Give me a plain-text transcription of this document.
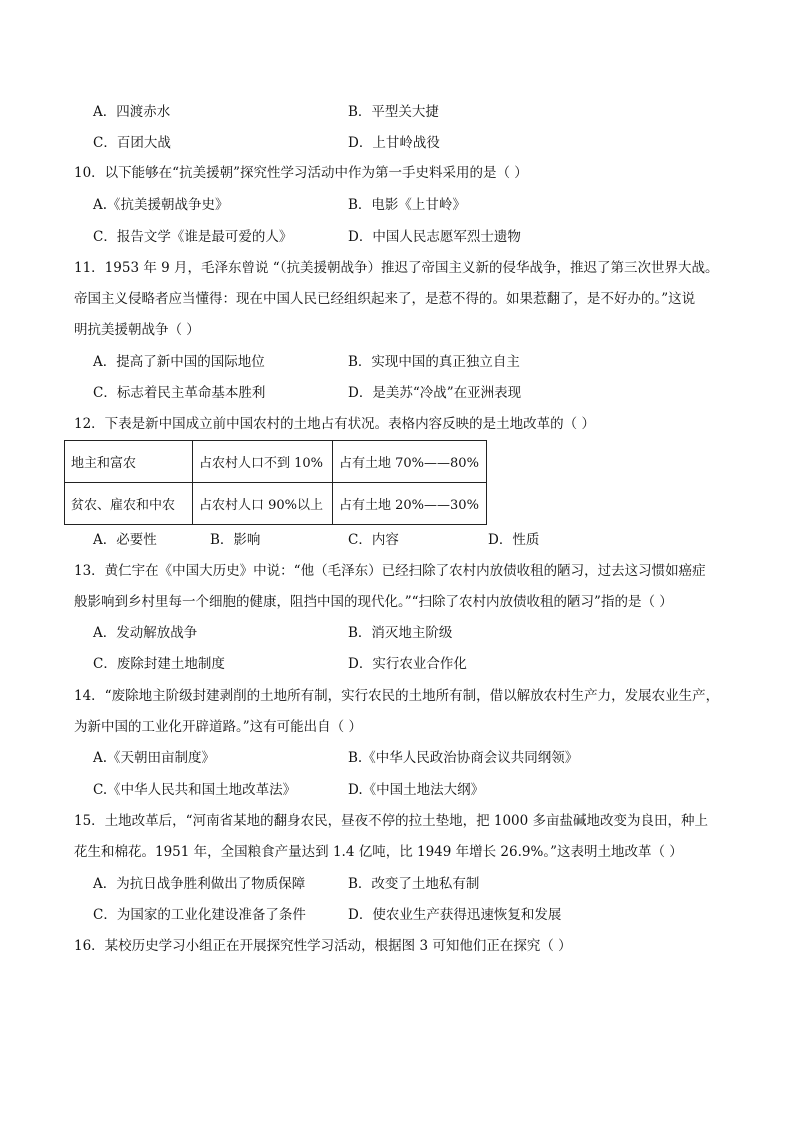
A．四渡赤水	B．平型关大捷
C．百团大战	D．上甘岭战役
10．以下能够在“抗美援朝”探究性学习活动中作为第一手史料采用的是（ ）
A.《抗美援朝战争史》	B．电影《上甘岭》
C．报告文学《谁是最可爱的人》	D．中国人民志愿军烈士遗物
11．1953 年 9 月，毛泽东曾说 “（抗美援朝战争）推迟了帝国主义新的侵华战争，推迟了第三次世界大战。
帝国主义侵略者应当懂得：现在中国人民已经组织起来了，是惹不得的。如果惹翻了，是不好办的。”这说
明抗美援朝战争（ ）
A．提高了新中国的国际地位	B．实现中国的真正独立自主
C．标志着民主革命基本胜利	D．是美苏“冷战”在亚洲表现
12．下表是新中国成立前中国农村的土地占有状况。表格内容反映的是土地改革的（ ）
地主和富农	占农村人口不到 10%	占有土地 70%——80%
贫农、雇农和中农	占农村人口 90%以上	占有土地 20%——30%
A．必要性	B．影响	C．内容	D．性质
13．黄仁宇在《中国大历史》中说：“他（毛泽东）已经扫除了农村内放债收租的陋习，过去这习惯如癌症
般影响到乡村里每一个细胞的健康，阻挡中国的现代化。”“扫除了农村内放债收租的陋习”指的是（ ）
A．发动解放战争	B．消灭地主阶级
C．废除封建土地制度	D．实行农业合作化
14．“废除地主阶级封建剥削的土地所有制，实行农民的土地所有制，借以解放农村生产力，发展农业生产，
为新中国的工业化开辟道路。”这有可能出自（ ）
A.《天朝田亩制度》	B.《中华人民政治协商会议共同纲领》
C.《中华人民共和国土地改革法》	D.《中国土地法大纲》
15．土地改革后，“河南省某地的翻身农民，昼夜不停的拉土垫地，把 1000 多亩盐碱地改变为良田，种上
花生和棉花。1951 年，全国粮食产量达到 1.4 亿吨，比 1949 年增长 26.9%。”这表明土地改革（ ）
A．为抗日战争胜利做出了物质保障	B．改变了土地私有制
C．为国家的工业化建设准备了条件	D．使农业生产获得迅速恢复和发展
16．某校历史学习小组正在开展探究性学习活动，根据图 3 可知他们正在探究（ ）
